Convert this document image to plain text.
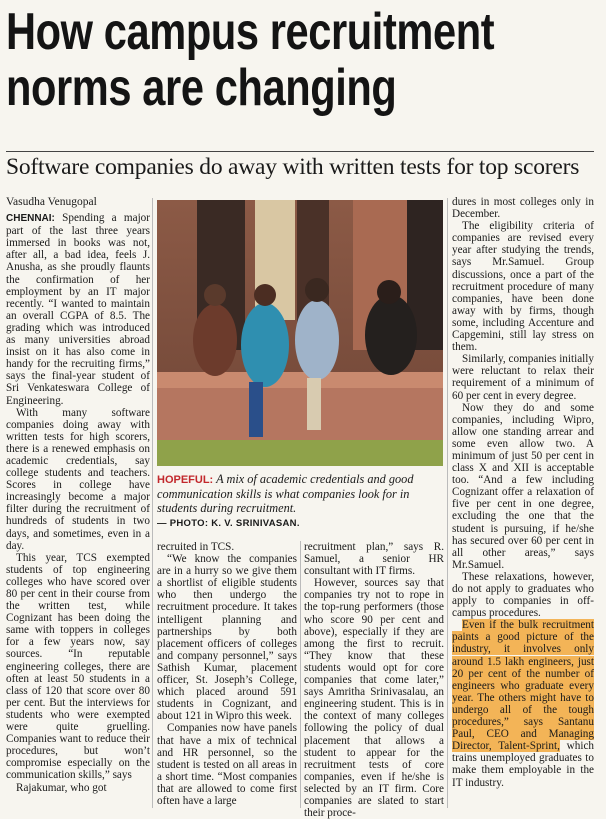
How campus recruitment
norms are changing
Software companies do away with written tests for top scorers
Vasudha Venugopal

CHENNAI: Spending a major part of the last three years immersed in books was not, after all, a bad idea, feels J. Anusha, as she proudly flaunts the confirmation of her employment by an IT major recently. “I wanted to maintain an overall CGPA of 8.5. The grading which was introduced as many universities abroad insist on it has also come in handy for the recruiting firms,” says the final-year student of Sri Venkateswara College of Engineering.

With many software companies doing away with written tests for high scorers, there is a renewed emphasis on academic credentials, say college students and teachers. Scores in college have increasingly become a major filter during the recruitment of hundreds of students in two days, and sometimes, even in a day.

This year, TCS exempted students of top engineering colleges who have scored over 80 per cent in their course from the written test, while Cognizant has been doing the same with toppers in colleges for a few years now, say sources. “In reputable engineering colleges, there are often at least 50 students in a class of 120 that score over 80 per cent. But the interviews for students who were exempted were quite gruelling. Companies want to reduce their procedures, but won’t compromise especially on the communication skills,” says

Rajakumar, who got

HOPEFUL: A mix of academic credentials and good communication skills is what companies look for in students during recruitment.
— PHOTO: K. V. SRINIVASAN.

recruited in TCS.

“We know the companies are in a hurry so we give them a shortlist of eligible students who then undergo the recruitment procedure. It takes intelligent planning and partnerships by both placement officers of colleges and company personnel,” says Sathish Kumar, placement officer, St. Joseph’s College, which placed around 591 students in Cognizant, and about 121 in Wipro this week.

Companies now have panels that have a mix of technical and HR personnel, so the student is tested on all areas in a short time. “Most companies that are allowed to come first often have a large

recruitment plan,” says R. Samuel, a senior HR consultant with IT firms.

However, sources say that companies try not to rope in the top-rung performers (those who score 90 per cent and above), especially if they are among the first to recruit. “They know that these students would opt for core companies that come later,” says Amritha Srinivasalau, an engineering student. This is in the context of many colleges following the policy of dual placement that allows a student to appear for the recruitment tests of core companies, even if he/she is selected by an IT firm. Core companies are slated to start their proce-

dures in most colleges only in December.

The eligibility criteria of companies are revised every year after studying the trends, says Mr.Samuel. Group discussions, once a part of the recruitment procedure of many companies, have been done away with by firms, though some, including Accenture and Capgemini, still lay stress on them.

Similarly, companies initially were reluctant to relax their requirement of a minimum of 60 per cent in every degree.

Now they do and some companies, including Wipro, allow one standing arrear and some even allow two. A minimum of just 50 per cent in class X and XII is acceptable too. “And a few including Cognizant offer a relaxation of five per cent in one degree, excluding the one that the student is pursuing, if he/she has secured over 60 per cent in all other areas,” says Mr.Samuel.

These relaxations, however, do not apply to graduates who apply to companies in off-campus procedures.

Even if the bulk recruitment paints a good picture of the industry, it involves only around 1.5 lakh engineers, just 20 per cent of the number of engineers who graduate every year. The others might have to undergo all of the tough procedures,” says Santanu Paul, CEO and Managing Director, Talent-Sprint, which trains unemployed graduates to make them employable in the IT industry.
